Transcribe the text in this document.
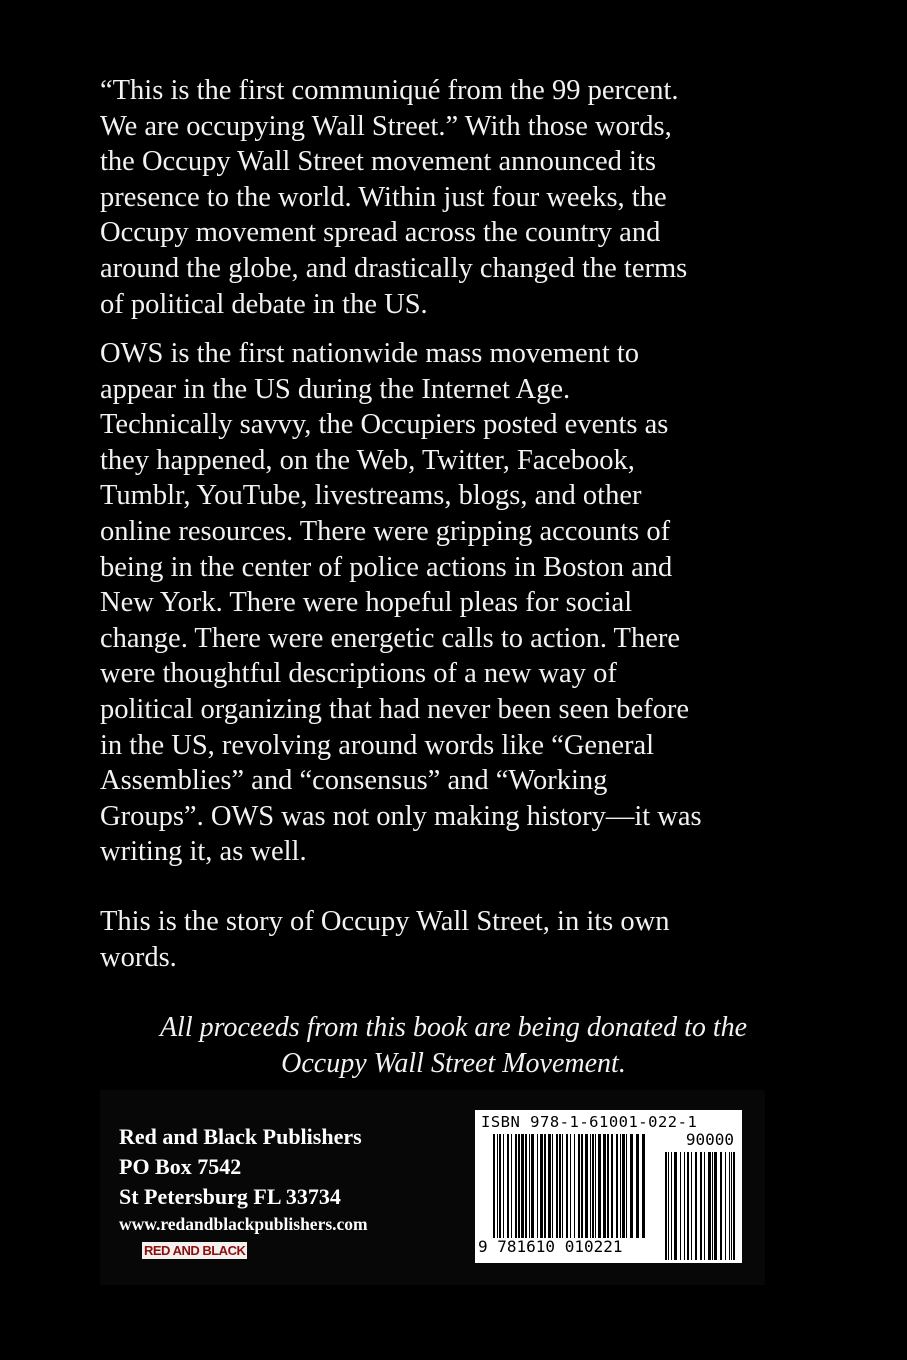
“This is the first communiqué from the 99 percent.
We are occupying Wall Street.” With those words,
the Occupy Wall Street movement announced its
presence to the world. Within just four weeks, the
Occupy movement spread across the country and
around the globe, and drastically changed the terms
of political debate in the US.
OWS is the first nationwide mass movement to
appear in the US during the Internet Age.
Technically savvy, the Occupiers posted events as
they happened, on the Web, Twitter, Facebook,
Tumblr, YouTube, livestreams, blogs, and other
online resources. There were gripping accounts of
being in the center of police actions in Boston and
New York. There were hopeful pleas for social
change. There were energetic calls to action. There
were thoughtful descriptions of a new way of
political organizing that had never been seen before
in the US, revolving around words like “General
Assemblies” and “consensus” and “Working
Groups”. OWS was not only making history—it was
writing it, as well.
This is the story of Occupy Wall Street, in its own
words.
All proceeds from this book are being donated to the
Occupy Wall Street Movement.
Red and Black Publishers
PO Box 7542
St Petersburg FL 33734
www.redandblackpublishers.com
RED AND BLACK
ISBN 978-1-61001-022-1
90000
9 781610 010221
